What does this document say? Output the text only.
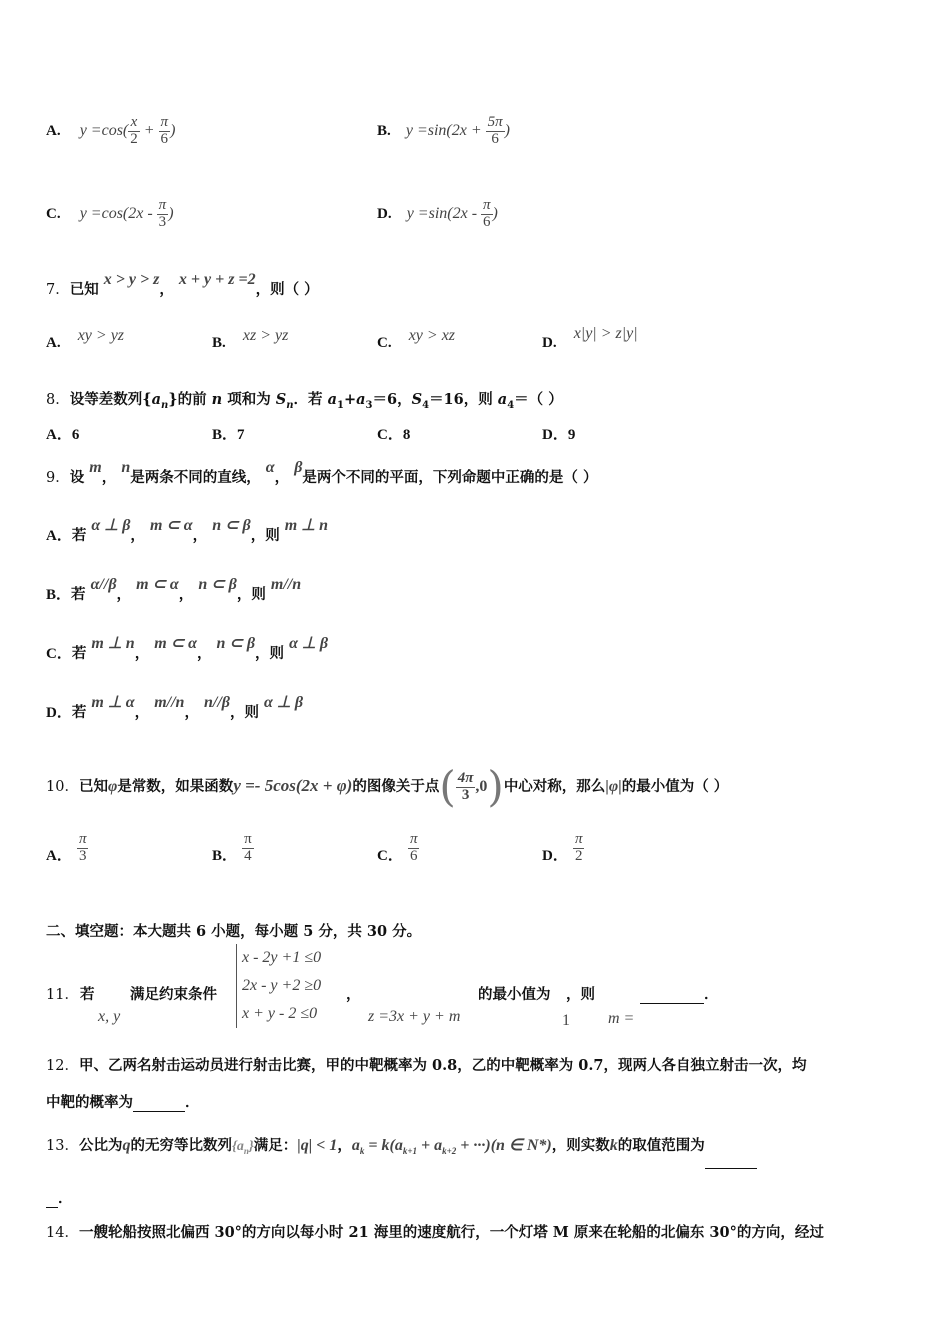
A. $y =\cos( \frac{x}{2} + \frac{\pi}{6}$ )	B. $y =\sin(2x + \frac{5\pi}{6}$ )
C. $y =\cos(2x - \frac{\pi}{3}$ )	D. $y =\sin(2x - \frac{\pi}{6}$ )
7．已知 x > y > z， x + y + z =2，则（ ）
A. xy > yz	B. xz > yz	C. xy > xz	D. x|y| > z|y|
8．设等差数列$\{a_n\}$的前 n 项和为 $S_n$．若 $a_1+a_3=6$，$S_4=16$，则 $a_4=$（ ）
A．6	B．7	C．8	D．9
9．设 m， n是两条不同的直线， α， β是两个不同的平面，下列命题中正确的是（ ）
A．若 α ⊥ β， m ⊂ α， n ⊂ β，则 m ⊥ n
B．若 α//β， m ⊂ α， n ⊂ β，则 m//n
C．若 m ⊥ n， m ⊂ α， n ⊂ β，则 α ⊥ β
D．若 m ⊥ α， m//n， n//β，则 α ⊥ β
10．已知φ是常数，如果函数y =- 5cos(2x + φ)的图像关于点( $\frac{4\pi}{3} ,0$)中心对称，那么|φ|的最小值为（ ）
A． $\frac{\pi}{3}$	B． $\frac{\pi}{4}$	C． $\frac{\pi}{6}$	D． $\frac{\pi}{2}$
二、填空题：本大题共 6 小题，每小题 5 分，共 30 分。
11． 若
x, y
满足约束条件
x - 2y +1 ≤0
2x - y +2 ≥0
x + y - 2 ≤0
，
z =3x + y + m
的最小值为
1
，则
m =
．
12．甲、乙两名射击运动员进行射击比赛，甲的中靶概率为 0.8，乙的中靶概率为 0.7，现两人各自独立射击一次，均
中靶的概率为	．
13．公比为q的无穷等比数列$\{a_n\}$满足：|q| < 1，$a_k = k(a_{k+1} + a_{k+2} + \cdot\cdot\cdot)(n$ ∈ N*)，则实数k的取值范围为
．
14．一艘轮船按照北偏西 30°的方向以每小时 21 海里的速度航行，一个灯塔 M 原来在轮船的北偏东 30°的方向，经过
